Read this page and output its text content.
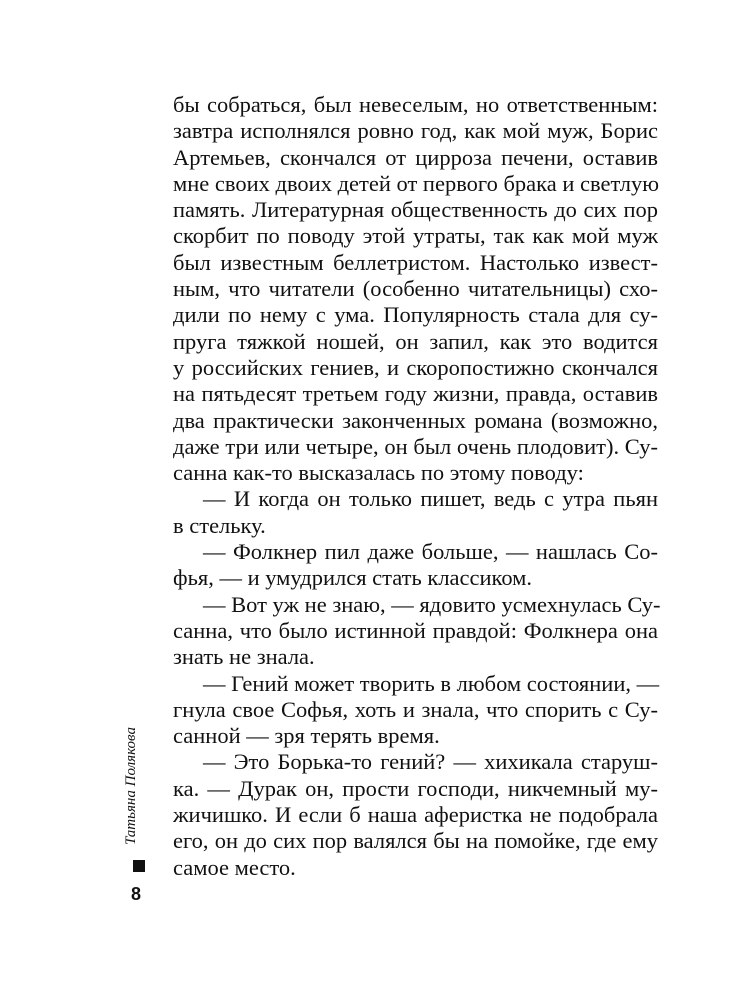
бы собраться, был невеселым, но ответственным:
завтра исполнялся ровно год, как мой муж, Борис
Артемьев, скончался от цирроза печени, оставив
мне своих двоих детей от первого брака и светлую
память. Литературная общественность до сих пор
скорбит по поводу этой утраты, так как мой муж
был известным беллетристом. Настолько извест-
ным, что читатели (особенно читательницы) схо-
дили по нему с ума. Популярность стала для су-
пруга тяжкой ношей, он запил, как это водится
у российских гениев, и скоропостижно скончался
на пятьдесят третьем году жизни, правда, оставив
два практически законченных романа (возможно,
даже три или четыре, он был очень плодовит). Су-
санна как-то высказалась по этому поводу:
— И когда он только пишет, ведь с утра пьян
в стельку.
— Фолкнер пил даже больше, — нашлась Со-
фья, — и умудрился стать классиком.
— Вот уж не знаю, — ядовито усмехнулась Су-
санна, что было истинной правдой: Фолкнера она
знать не знала.
— Гений может творить в любом состоянии, —
гнула свое Софья, хоть и знала, что спорить с Су-
санной — зря терять время.
— Это Борька-то гений? — хихикала старуш-
ка. — Дурак он, прости господи, никчемный му-
жичишко. И если б наша аферистка не подобрала
его, он до сих пор валялся бы на помойке, где ему
самое место.
Татьяна Полякова
8
